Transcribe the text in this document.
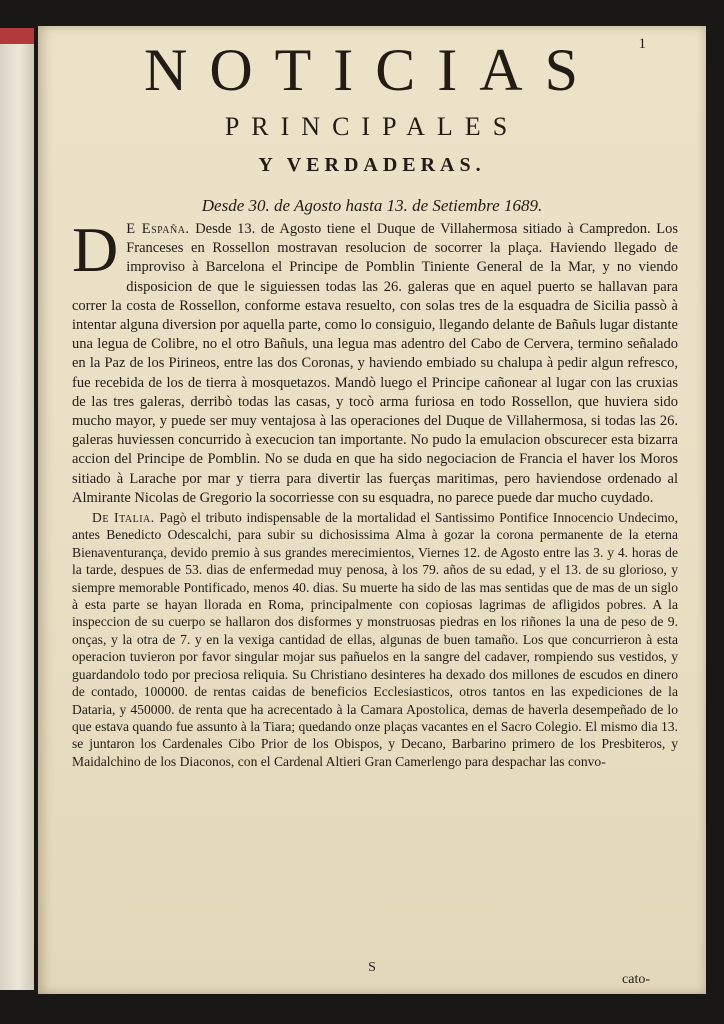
1

NOTICIAS
PRINCIPALES
Y VERDADERAS.

Desde 30. de Agosto hasta 13. de Setiembre 1689.

D E España. Desde 13. de Agosto tiene el Duque de Villahermosa sitiado à Campredon. Los Franceses en Rossellon mostravan resolucion de socorrer la plaça. Haviendo llegado de improviso à Barcelona el Principe de Pomblin Tiniente General de la Mar, y no viendo disposicion de que le siguiessen todas las 26. galeras que en aquel puerto se hallavan para correr la costa de Rossellon, conforme estava resuelto, con solas tres de la esquadra de Sicilia passò à intentar alguna diversion por aquella parte, como lo consiguio, llegando delante de Bañuls lugar distante una legua de Colibre, no el otro Bañuls, una legua mas adentro del Cabo de Cervera, termino señalado en la Paz de los Pirineos, entre las dos Coronas, y haviendo embiado su chalupa à pedir algun refresco, fue recebida de los de tierra à mosquetazos. Mandò luego el Principe cañonear al lugar con las cruxias de las tres galeras, derribò todas las casas, y tocò arma furiosa en todo Rossellon, que huviera sido mucho mayor, y puede ser muy ventajosa à las operaciones del Duque de Villahermosa, si todas las 26. galeras huviessen concurrido à execucion tan importante. No pudo la emulacion obscurecer esta bizarra accion del Principe de Pomblin. No se duda en que ha sido negociacion de Francia el haver los Moros sitiado à Larache por mar y tierra para divertir las fuerças maritimas, pero haviendose ordenado al Almirante Nicolas de Gregorio la socorriesse con su esquadra, no parece puede dar mucho cuydado.

De Italia. Pagò el tributo indispensable de la mortalidad el Santissimo Pontifice Innocencio Undecimo, antes Benedicto Odescalchi, para subir su dichosissima Alma à gozar la corona permanente de la eterna Bienaventurança, devido premio à sus grandes merecimientos, Viernes 12. de Agosto entre las 3. y 4. horas de la tarde, despues de 53. dias de enfermedad muy penosa, à los 79. años de su edad, y el 13. de su glorioso, y siempre memorable Pontificado, menos 40. dias. Su muerte ha sido de las mas sentidas que de mas de un siglo à esta parte se hayan llorada en Roma, principalmente con copiosas lagrimas de afligidos pobres. A la inspeccion de su cuerpo se hallaron dos disformes y monstruosas piedras en los riñones la una de peso de 9. onças, y la otra de 7. y en la vexiga cantidad de ellas, algunas de buen tamaño. Los que concurrieron à esta operacion tuvieron por favor singular mojar sus pañuelos en la sangre del cadaver, rompiendo sus vestidos, y guardandolo todo por preciosa reliquia. Su Christiano desinteres ha dexado dos millones de escudos en dinero de contado, 100000. de rentas caidas de beneficios Ecclesiasticos, otros tantos en las expediciones de la Dataria, y 450000. de renta que ha acrecentado à la Camara Apostolica, demas de haverla desempeñado de lo que estava quando fue assunto à la Tiara; quedando onze plaças vacantes en el Sacro Colegio. El mismo dia 13. se juntaron los Cardenales Cibo Prior de los Obispos, y Decano, Barbarino primero de los Presbiteros, y Maidalchino de los Diaconos, con el Cardenal Altieri Gran Camerlengo para despachar las convo-

S

cato-
